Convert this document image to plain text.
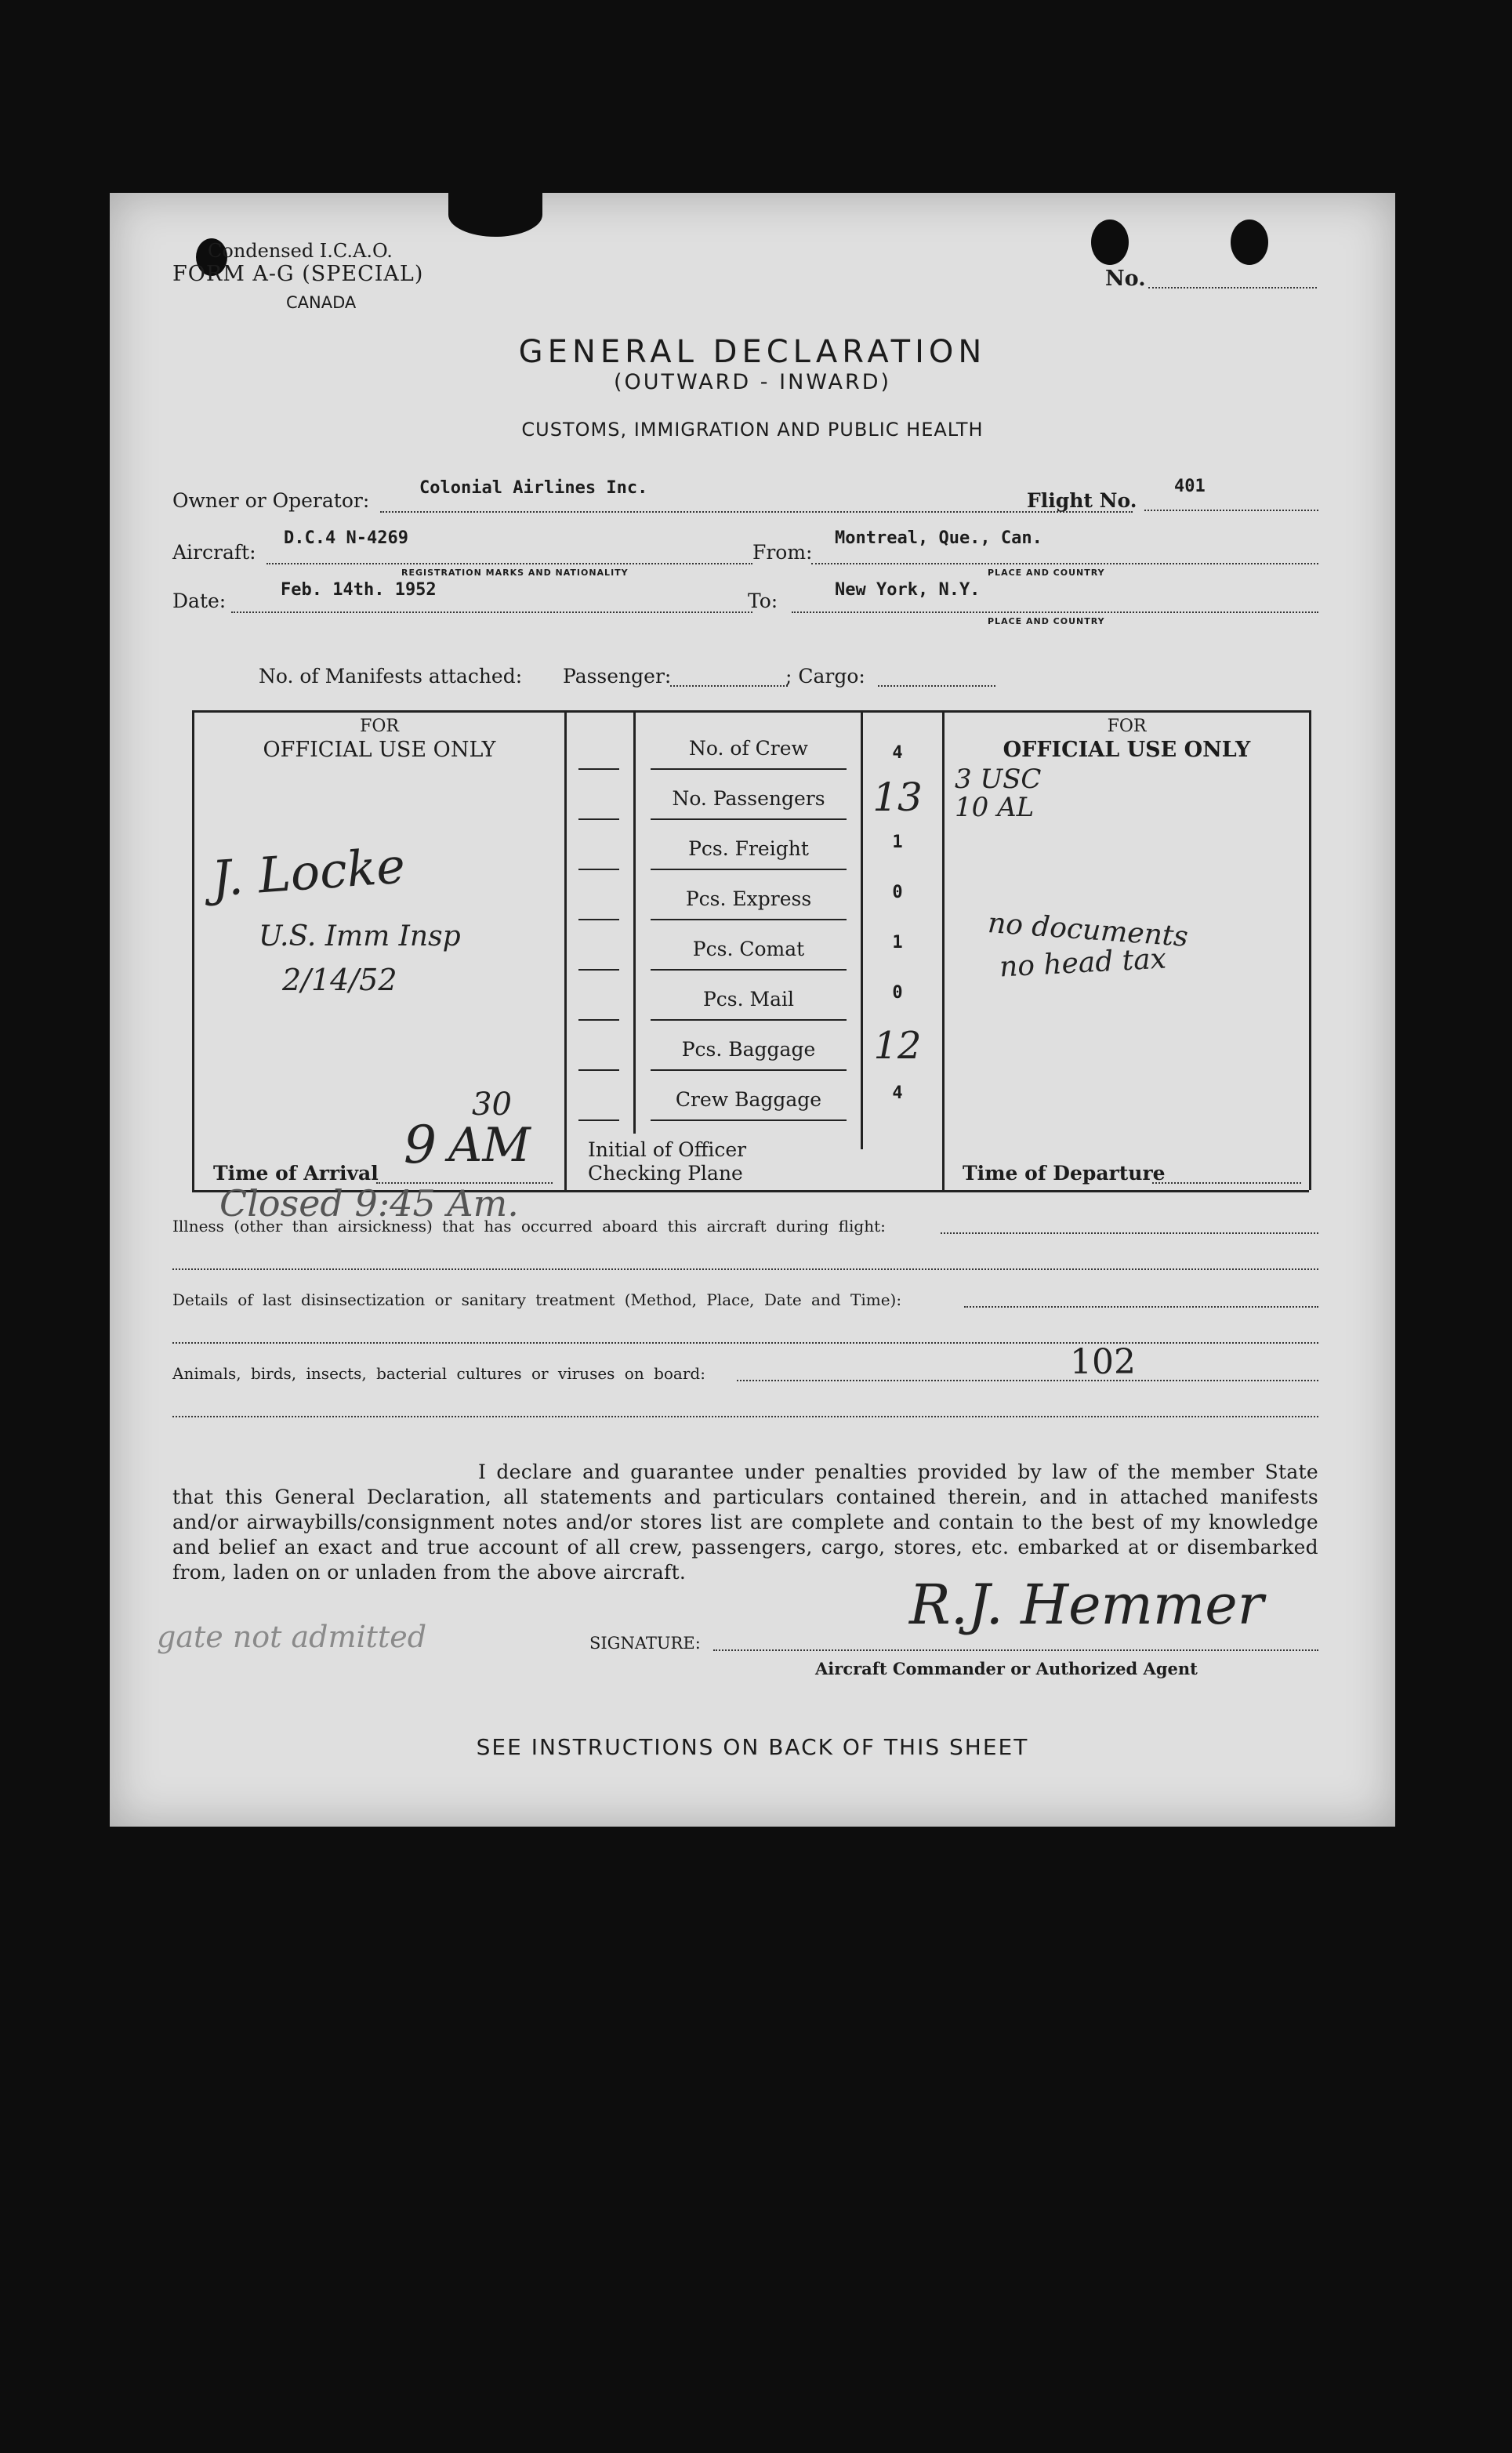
Condensed I.C.A.O.
FORM A-G (SPECIAL)
CANADA
No.
GENERAL DECLARATION
(OUTWARD - INWARD)
CUSTOMS, IMMIGRATION AND PUBLIC HEALTH
Owner or Operator:
Colonial Airlines Inc.
Flight No.
401
Aircraft:
D.C.4 N-4269
REGISTRATION MARKS AND NATIONALITY
From:
Montreal, Que., Can.
PLACE AND COUNTRY
Date:	Feb. 14th. 1952	To:	New York, N.Y.
PLACE AND COUNTRY
No. of Manifests attached: Passenger:	; Cargo:
FOR
OFFICIAL USE ONLY
FOR
OFFICIAL USE ONLY
No. of Crew	4
No. Passengers	13
Pcs. Freight	1
Pcs. Express	0
Pcs. Comat	1
Pcs. Mail	0
Pcs. Baggage	12
Crew Baggage	4
Initial of Officer
Checking Plane
Time of Arrival	Time of Departure
J. Locke
U.S. Imm Insp
2/14/52
9
30
AM
3 USC
10 AL
no documents
no head tax
Closed 9:45 Am.
Illness (other than airsickness) that has occurred aboard this aircraft during flight:
Details of last disinsectization or sanitary treatment (Method, Place, Date and Time):
Animals, birds, insects, bacterial cultures or viruses on board:	102
I declare and guarantee under penalties provided by law of the member State that this General Declaration, all statements and particulars contained therein, and in attached manifests and/or airwaybills/consignment notes and/or stores list are complete and contain to the best of my knowledge and belief an exact and true account of all crew, passengers, cargo, stores, etc. embarked at or disembarked from, laden on or unladen from the above aircraft.
gate not admitted	SIGNATURE:
R.J. Hemmer
Aircraft Commander or Authorized Agent
SEE INSTRUCTIONS ON BACK OF THIS SHEET
